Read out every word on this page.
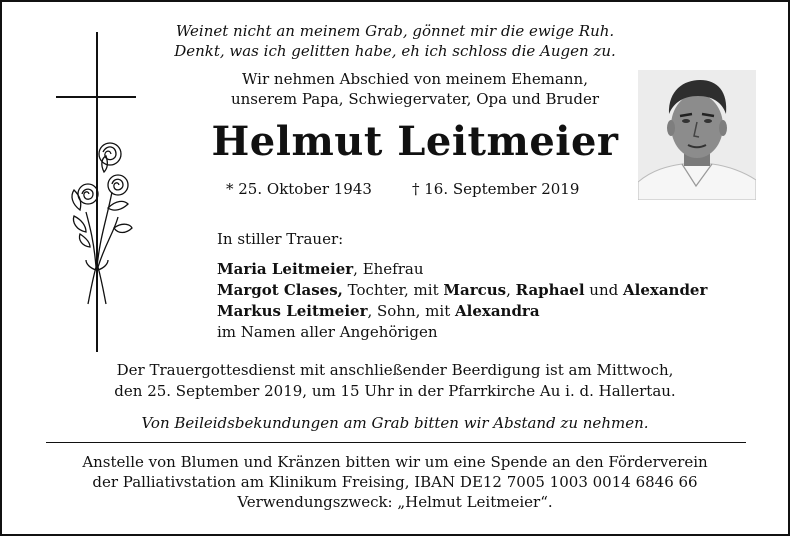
Weinet nicht an meinem Grab, gönnet mir die ewige Ruh.
Denkt, was ich gelitten habe, eh ich schloss die Augen zu.
Wir nehmen Abschied von meinem Ehemann,
unserem Papa, Schwiegervater, Opa und Bruder
Helmut Leitmeier
* 25. Oktober 1943	† 16. September 2019
In stiller Trauer:
Maria Leitmeier, Ehefrau
Margot Clases, Tochter, mit Marcus, Raphael und Alexander
Markus Leitmeier, Sohn, mit Alexandra
im Namen aller Angehörigen
Der Trauergottesdienst mit anschließender Beerdigung ist am Mittwoch,
den 25. September 2019, um 15 Uhr in der Pfarrkirche Au i. d. Hallertau.
Von Beileidsbekundungen am Grab bitten wir Abstand zu nehmen.
Anstelle von Blumen und Kränzen bitten wir um eine Spende an den Förderverein
der Palliativstation am Klinikum Freising, IBAN DE12 7005 1003 0014 6846 66
Verwendungszweck: „Helmut Leitmeier“.
